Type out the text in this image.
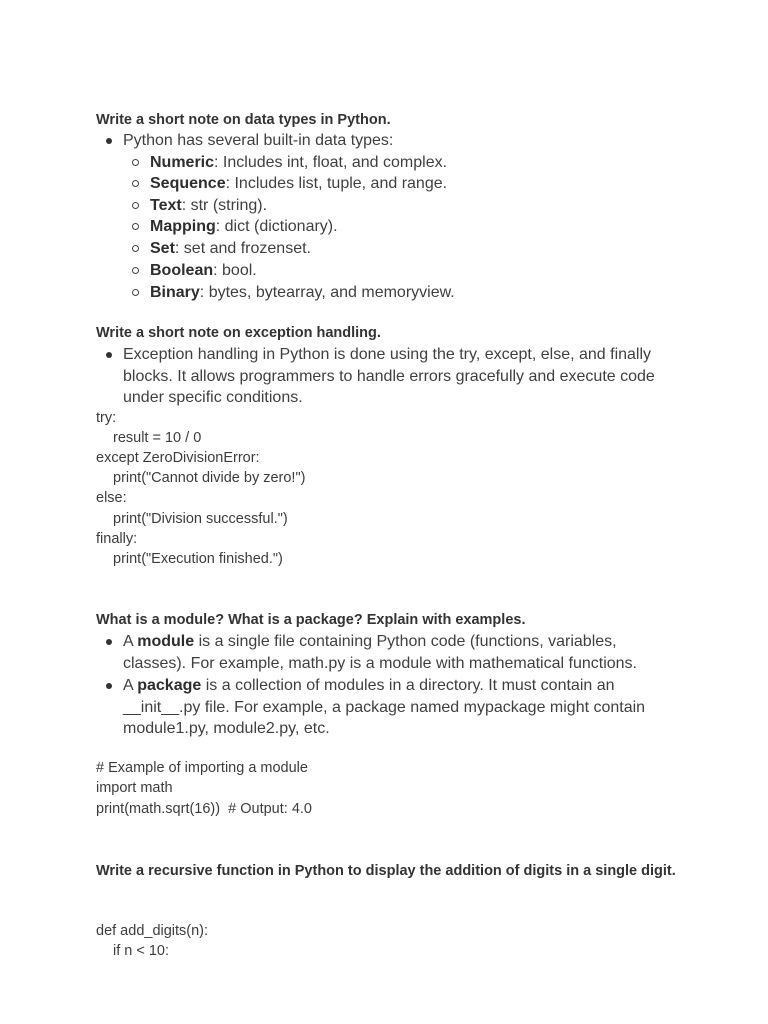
Write a short note on data types in Python.
Python has several built-in data types:
Numeric: Includes int, float, and complex.
Sequence: Includes list, tuple, and range.
Text: str (string).
Mapping: dict (dictionary).
Set: set and frozenset.
Boolean: bool.
Binary: bytes, bytearray, and memoryview.
Write a short note on exception handling.
Exception handling in Python is done using the try, except, else, and finally blocks. It allows programmers to handle errors gracefully and execute code under specific conditions.
try:
result = 10 / 0
except ZeroDivisionError:
print("Cannot divide by zero!")
else:
print("Division successful.")
finally:
print("Execution finished.")
What is a module? What is a package? Explain with examples.
A module is a single file containing Python code (functions, variables, classes). For example, math.py is a module with mathematical functions.
A package is a collection of modules in a directory. It must contain an __init__.py file. For example, a package named mypackage might contain module1.py, module2.py, etc.
# Example of importing a module
import math
print(math.sqrt(16))  # Output: 4.0
Write a recursive function in Python to display the addition of digits in a single digit.
def add_digits(n):
if n < 10:
